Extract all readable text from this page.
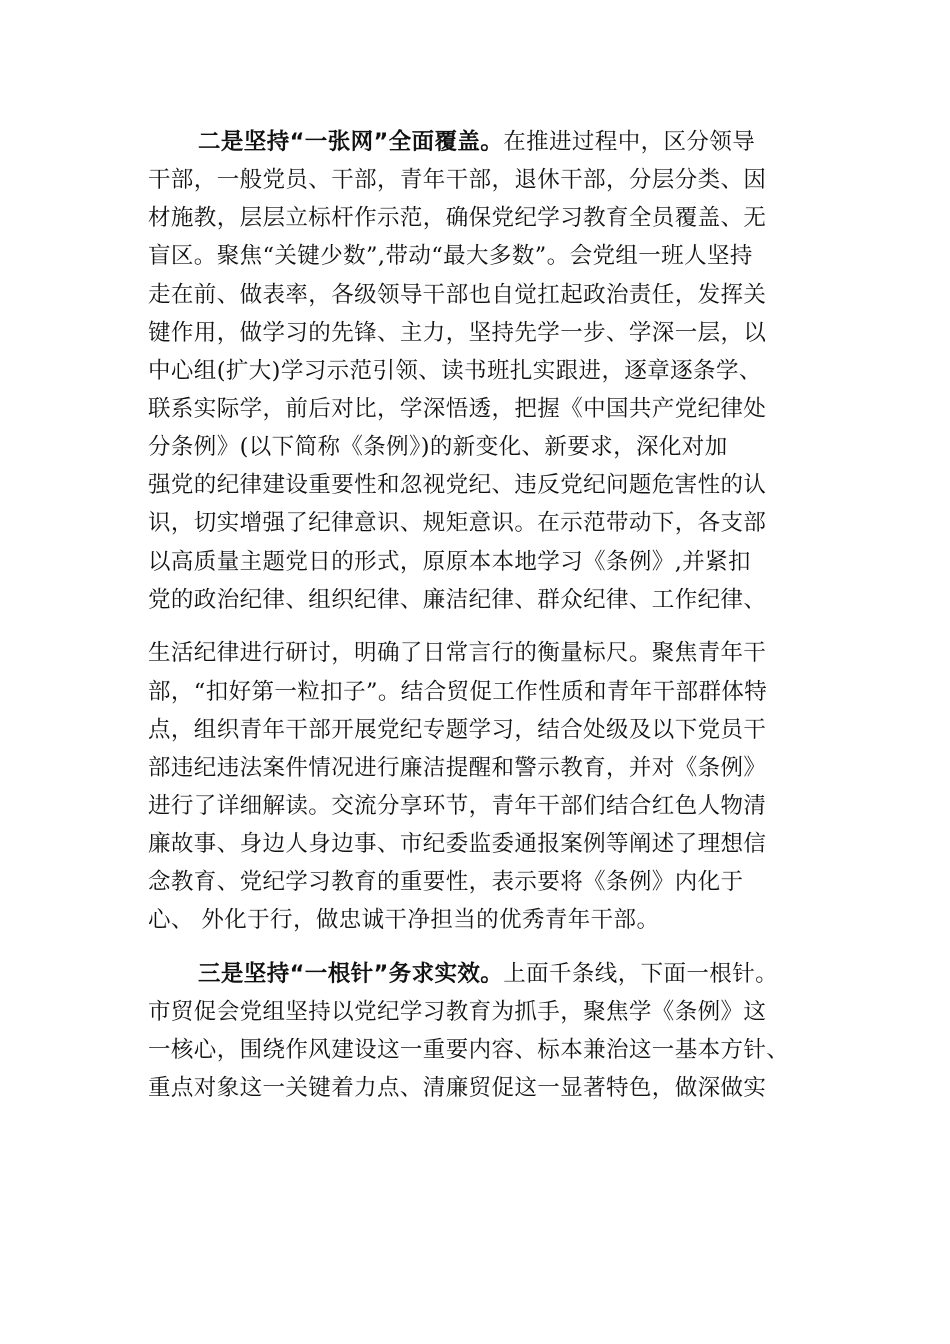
二是坚持“一张网”全面覆盖。在推进过程中，区分领导
干部，一般党员、干部，青年干部，退休干部，分层分类、因
材施教，层层立标杆作示范，确保党纪学习教育全员覆盖、无
盲区。聚焦“关键少数”,带动“最大多数”。会党组一班人坚持
走在前、做表率，各级领导干部也自觉扛起政治责任，发挥关
键作用，做学习的先锋、主力，坚持先学一步、学深一层，以
中心组(扩大)学习示范引领、读书班扎实跟进，逐章逐条学、
联系实际学，前后对比，学深悟透，把握《中国共产党纪律处
分条例》(以下简称《条例》)的新变化、新要求，深化对加
强党的纪律建设重要性和忽视党纪、违反党纪问题危害性的认
识，切实增强了纪律意识、规矩意识。在示范带动下，各支部
以高质量主题党日的形式，原原本本地学习《条例》,并紧扣
党的政治纪律、组织纪律、廉洁纪律、群众纪律、工作纪律、
生活纪律进行研讨，明确了日常言行的衡量标尺。聚焦青年干
部，“扣好第一粒扣子”。结合贸促工作性质和青年干部群体特
点，组织青年干部开展党纪专题学习，结合处级及以下党员干
部违纪违法案件情况进行廉洁提醒和警示教育，并对《条例》
进行了详细解读。交流分享环节，青年干部们结合红色人物清
廉故事、身边人身边事、市纪委监委通报案例等阐述了理想信
念教育、党纪学习教育的重要性，表示要将《条例》内化于
心、 外化于行，做忠诚干净担当的优秀青年干部。
三是坚持“一根针”务求实效。上面千条线，下面一根针。
市贸促会党组坚持以党纪学习教育为抓手，聚焦学《条例》这
一核心，围绕作风建设这一重要内容、标本兼治这一基本方针、
重点对象这一关键着力点、清廉贸促这一显著特色，做深做实
